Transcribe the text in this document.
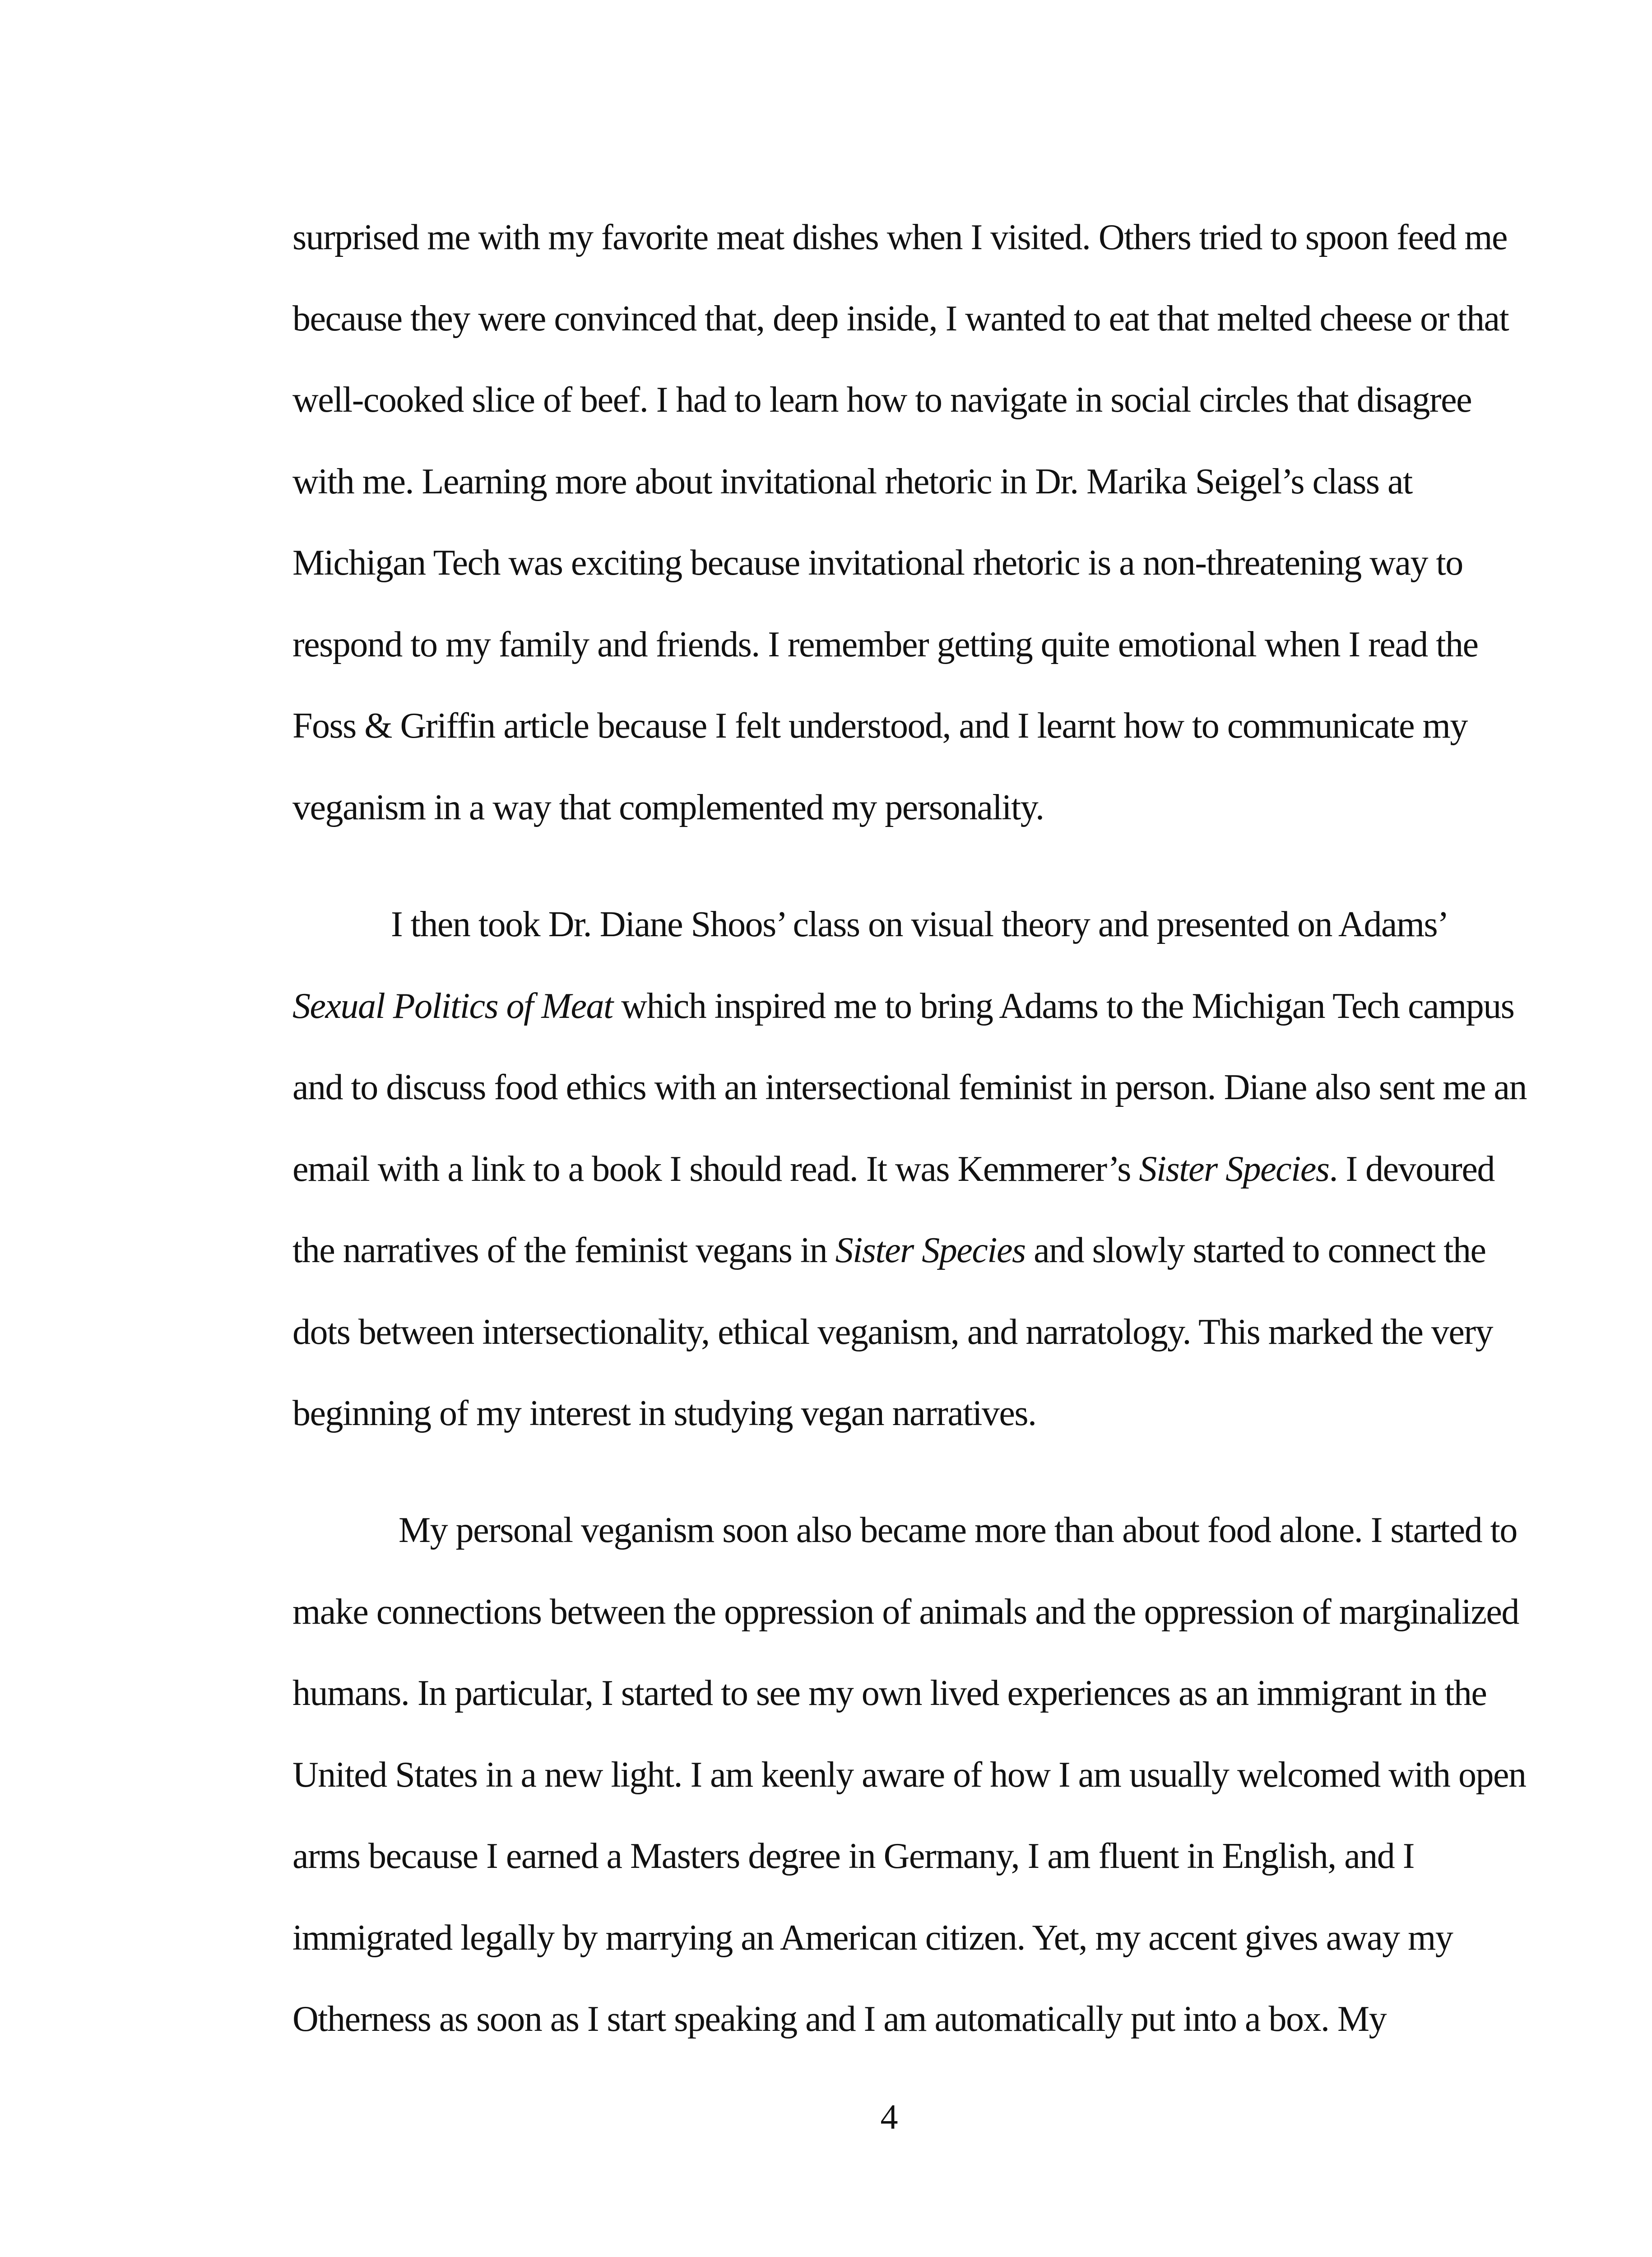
surprised me with my favorite meat dishes when I visited. Others tried to spoon feed me
because they were convinced that, deep inside, I wanted to eat that melted cheese or that
well-cooked slice of beef. I had to learn how to navigate in social circles that disagree
with me. Learning more about invitational rhetoric in Dr. Marika Seigel’s class at
Michigan Tech was exciting because invitational rhetoric is a non-threatening way to
respond to my family and friends. I remember getting quite emotional when I read the
Foss & Griffin article because I felt understood, and I learnt how to communicate my
veganism in a way that complemented my personality.
I then took Dr. Diane Shoos’ class on visual theory and presented on Adams’
Sexual Politics of Meat which inspired me to bring Adams to the Michigan Tech campus
and to discuss food ethics with an intersectional feminist in person. Diane also sent me an
email with a link to a book I should read. It was Kemmerer’s Sister Species. I devoured
the narratives of the feminist vegans in Sister Species and slowly started to connect the
dots between intersectionality, ethical veganism, and narratology. This marked the very
beginning of my interest in studying vegan narratives.
My personal veganism soon also became more than about food alone. I started to
make connections between the oppression of animals and the oppression of marginalized
humans. In particular, I started to see my own lived experiences as an immigrant in the
United States in a new light. I am keenly aware of how I am usually welcomed with open
arms because I earned a Masters degree in Germany, I am fluent in English, and I
immigrated legally by marrying an American citizen. Yet, my accent gives away my
Otherness as soon as I start speaking and I am automatically put into a box. My
4
